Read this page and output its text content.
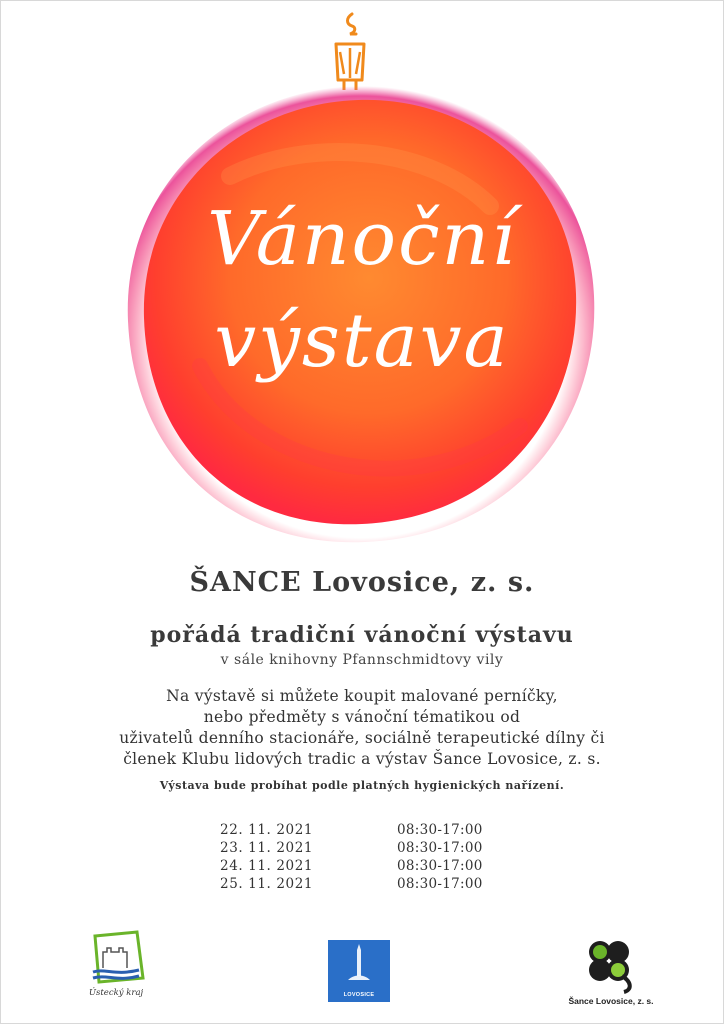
Vánoční
výstava
ŠANCE Lovosice, z. s.
pořádá tradiční vánoční výstavu
v sále knihovny Pfannschmidtovy vily
Na výstavě si můžete koupit malované perníčky,
nebo předměty s vánoční tématikou od
uživatelů denního stacionáře, sociálně terapeutické dílny či
členek Klubu lidových tradic a výstav Šance Lovosice, z. s.
Výstava bude probíhat podle platných hygienických nařízení.
22. 11. 2021	08:30-17:00
23. 11. 2021	08:30-17:00
24. 11. 2021	08:30-17:00
25. 11. 2021	08:30-17:00
Ústecký kraj	LOVOSICE
Šance Lovosice, z. s.
